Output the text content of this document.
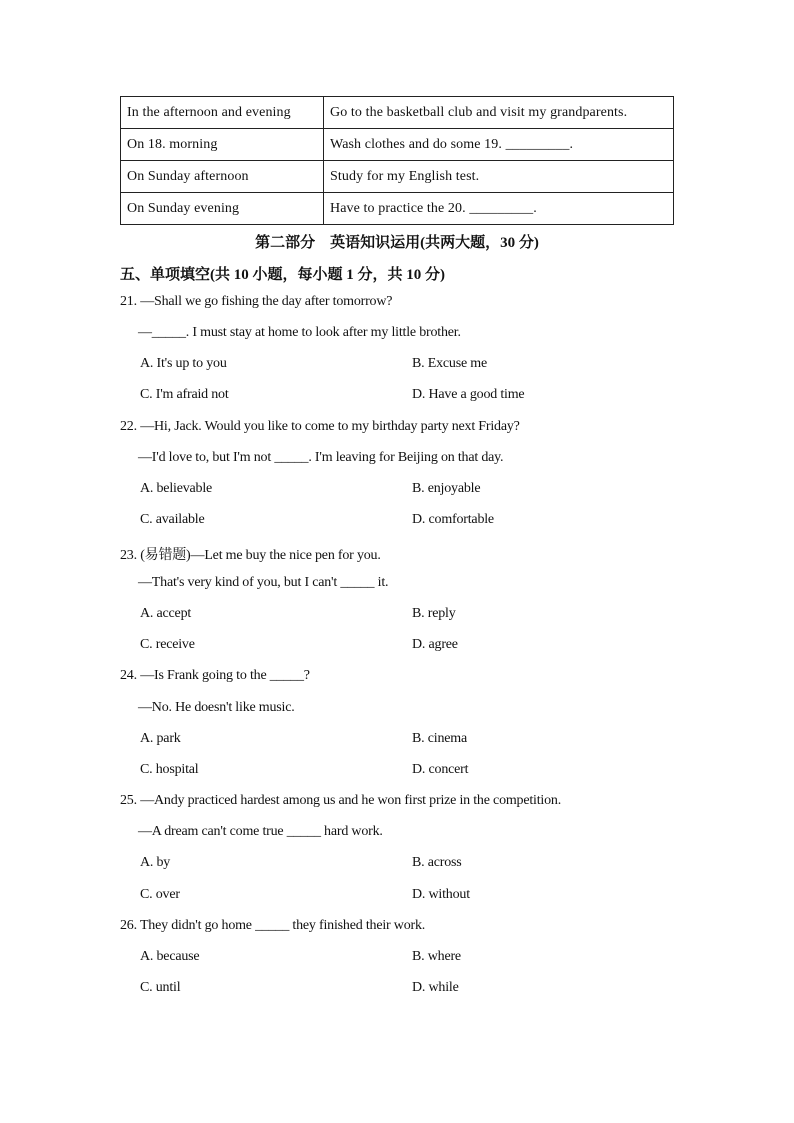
In the afternoon and evening	Go to the basketball club and visit my grandparents.
On 18. morning	Wash clothes and do some 19. _________.
On Sunday afternoon	Study for my English test.
On Sunday evening	Have to practice the 20. _________.
第二部分　英语知识运用(共两大题，30 分)
五、单项填空(共 10 小题，每小题 1 分，共 10 分)
21. —Shall we go fishing the day after tomorrow?
—_____. I must stay at home to look after my little brother.
A. It's up to you	B. Excuse me
C. I'm afraid not	D. Have a good time
22. —Hi, Jack. Would you like to come to my birthday party next Friday?
—I'd love to, but I'm not _____. I'm leaving for Beijing on that day.
A. believable	B. enjoyable
C. available	D. comfortable
23. (易错题)—Let me buy the nice pen for you.
—That's very kind of you, but I can't _____ it.
A. accept	B. reply
C. receive	D. agree
24. —Is Frank going to the _____?
—No. He doesn't like music.
A. park	B. cinema
C. hospital	D. concert
25. —Andy practiced hardest among us and he won first prize in the competition.
—A dream can't come true _____ hard work.
A. by	B. across
C. over	D. without
26. They didn't go home _____ they finished their work.
A. because	B. where
C. until	D. while
